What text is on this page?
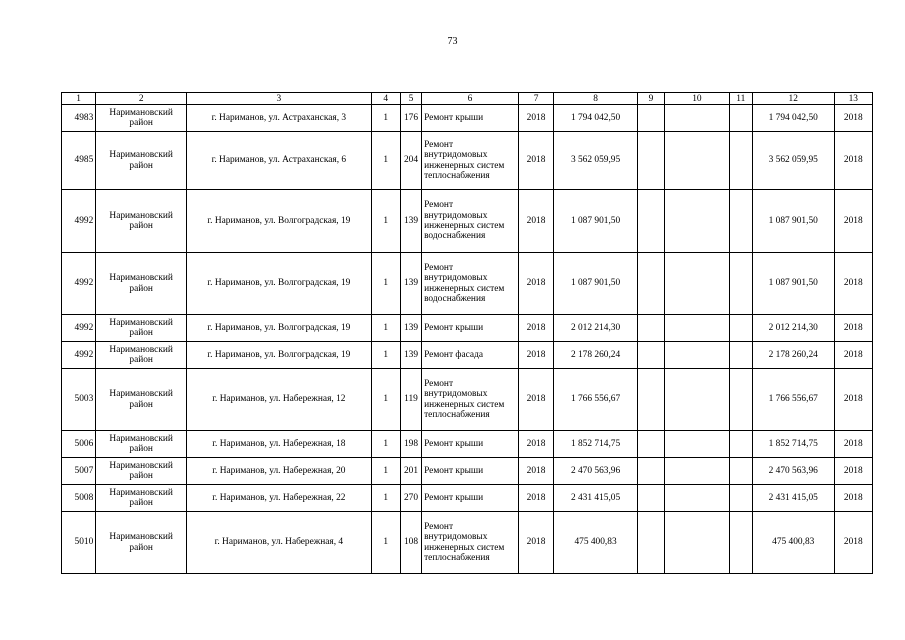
73
1	2	3	4	5	6	7	8	9	10	11	12	13
4983	Наримановский район	г. Нариманов, ул. Астраханская, 3	1	176	Ремонт крыши	2018	1 794 042,50				1 794 042,50	2018
4985	Наримановский район	г. Нариманов, ул. Астраханская, 6	1	204	Ремонт внутридомовых инженерных систем теплоснабжения	2018	3 562 059,95				3 562 059,95	2018
4992	Наримановский район	г. Нариманов, ул. Волгоградская, 19	1	139	Ремонт внутридомовых инженерных систем водоснабжения	2018	1 087 901,50				1 087 901,50	2018
4992	Наримановский район	г. Нариманов, ул. Волгоградская, 19	1	139	Ремонт внутридомовых инженерных систем водоснабжения	2018	1 087 901,50				1 087 901,50	2018
4992	Наримановский район	г. Нариманов, ул. Волгоградская, 19	1	139	Ремонт крыши	2018	2 012 214,30				2 012 214,30	2018
4992	Наримановский район	г. Нариманов, ул. Волгоградская, 19	1	139	Ремонт фасада	2018	2 178 260,24				2 178 260,24	2018
5003	Наримановский район	г. Нариманов, ул. Набережная, 12	1	119	Ремонт внутридомовых инженерных систем теплоснабжения	2018	1 766 556,67				1 766 556,67	2018
5006	Наримановский район	г. Нариманов, ул. Набережная, 18	1	198	Ремонт крыши	2018	1 852 714,75				1 852 714,75	2018
5007	Наримановский район	г. Нариманов, ул. Набережная, 20	1	201	Ремонт крыши	2018	2 470 563,96				2 470 563,96	2018
5008	Наримановский район	г. Нариманов, ул. Набережная, 22	1	270	Ремонт крыши	2018	2 431 415,05				2 431 415,05	2018
5010	Наримановский район	г. Нариманов, ул. Набережная, 4	1	108	Ремонт внутридомовых инженерных систем теплоснабжения	2018	475 400,83				475 400,83	2018
